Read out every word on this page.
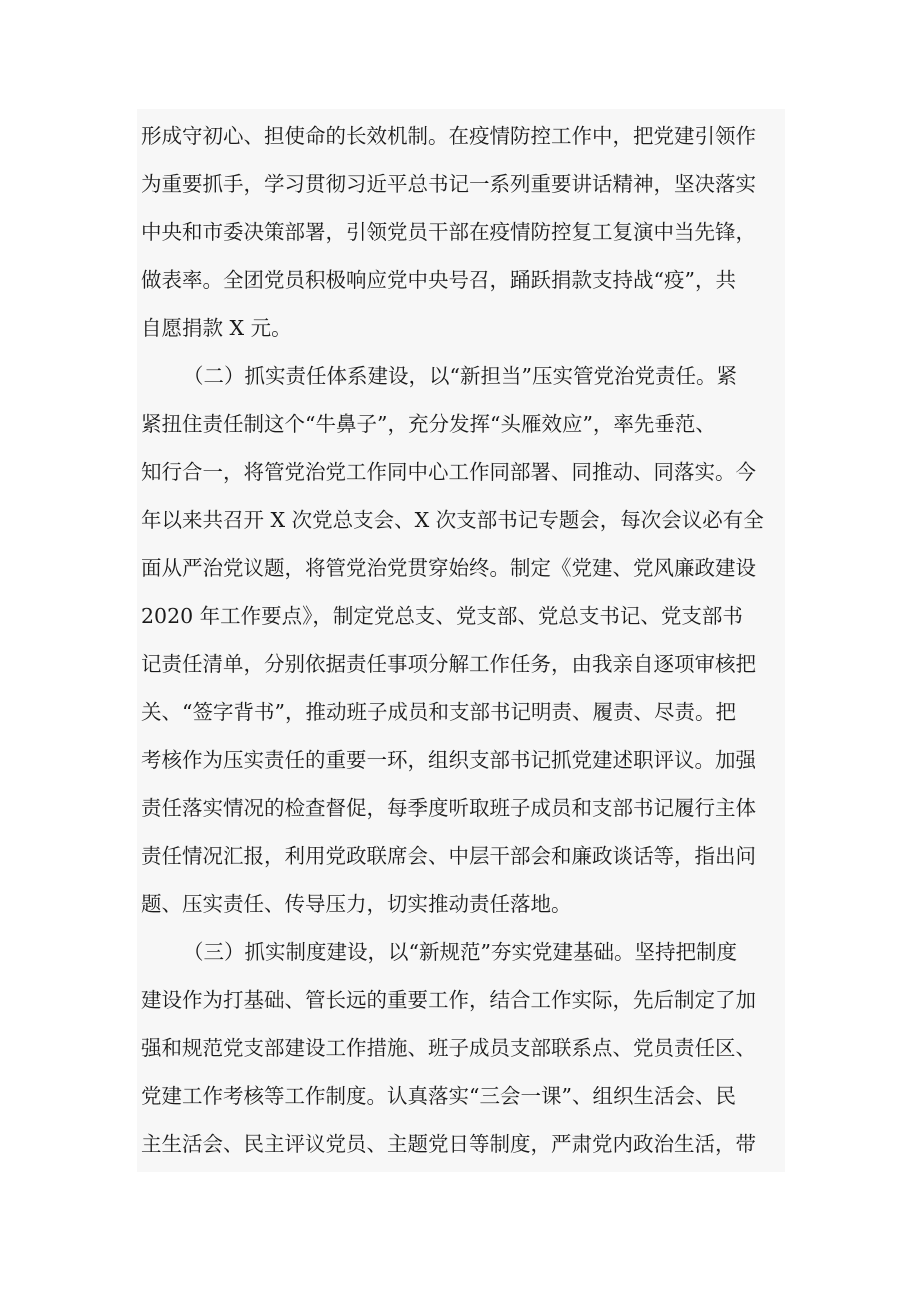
形成守初心、担使命的长效机制。在疫情防控工作中，把党建引领作
为重要抓手，学习贯彻习近平总书记一系列重要讲话精神，坚决落实
中央和市委决策部署，引领党员干部在疫情防控复工复演中当先锋，
做表率。全团党员积极响应党中央号召，踊跃捐款支持战“疫”，共
自愿捐款 X 元。
（二）抓实责任体系建设，以“新担当”压实管党治党责任。紧
紧扭住责任制这个“牛鼻子”，充分发挥“头雁效应”，率先垂范、
知行合一，将管党治党工作同中心工作同部署、同推动、同落实。今
年以来共召开 X 次党总支会、X 次支部书记专题会，每次会议必有全
面从严治党议题，将管党治党贯穿始终。制定《党建、党风廉政建设
2020 年工作要点》，制定党总支、党支部、党总支书记、党支部书
记责任清单，分别依据责任事项分解工作任务，由我亲自逐项审核把
关、“签字背书”，推动班子成员和支部书记明责、履责、尽责。把
考核作为压实责任的重要一环，组织支部书记抓党建述职评议。加强
责任落实情况的检查督促，每季度听取班子成员和支部书记履行主体
责任情况汇报，利用党政联席会、中层干部会和廉政谈话等，指出问
题、压实责任、传导压力，切实推动责任落地。
（三）抓实制度建设，以“新规范”夯实党建基础。坚持把制度
建设作为打基础、管长远的重要工作，结合工作实际，先后制定了加
强和规范党支部建设工作措施、班子成员支部联系点、党员责任区、
党建工作考核等工作制度。认真落实“三会一课”、组织生活会、民
主生活会、民主评议党员、主题党日等制度，严肃党内政治生活，带
